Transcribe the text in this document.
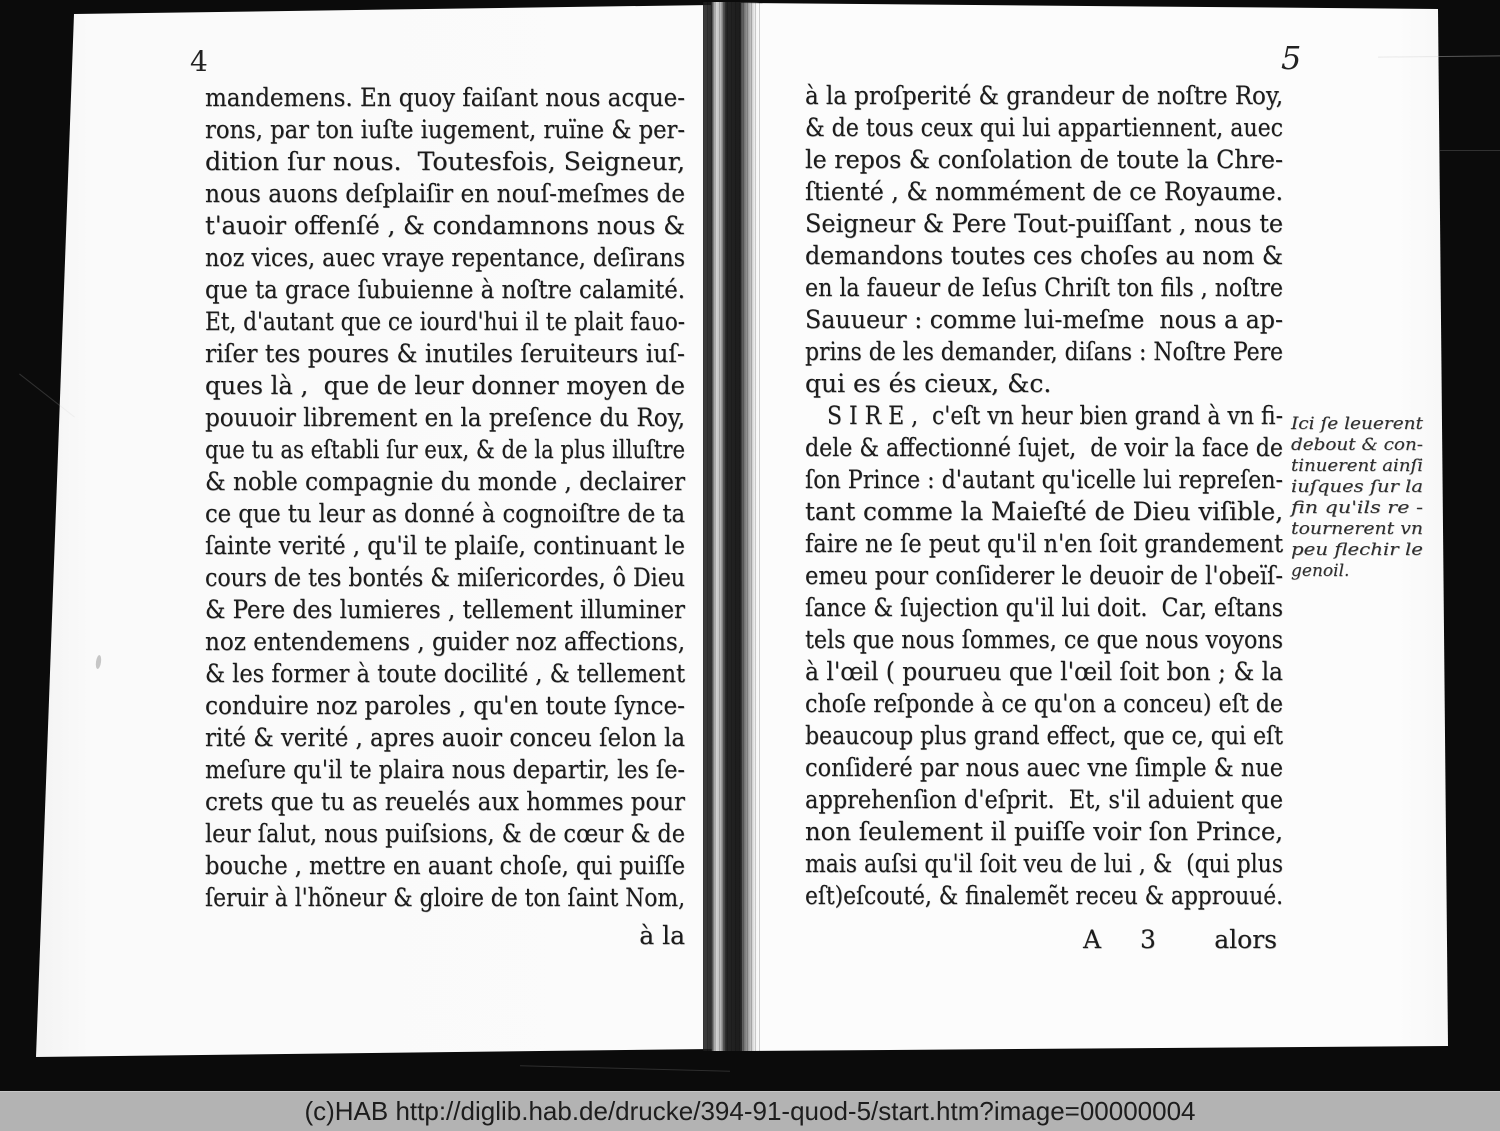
4	5
mandemens. En quoy faiſant nous acque-
rons, par ton iuſte iugement, ruïne & per-
dition ſur nous.  Toutesfois, Seigneur,
nous auons deſplaiſir en nouſ-meſmes de
t'auoir offenſé , & condamnons nous &
noz vices, auec vraye repentance, deſirans
que ta grace ſubuienne à noſtre calamité.
Et, d'autant que ce iourd'hui il te plait fauo-
riſer tes poures & inutiles ſeruiteurs iuſ-
ques là ,  que de leur donner moyen de
pouuoir librement en la preſence du Roy,
que tu as eſtabli ſur eux, & de la plus illuſtre
& noble compagnie du monde , declairer
ce que tu leur as donné à cognoiſtre de ta
ſainte verité , qu'il te plaiſe, continuant le
cours de tes bontés & miſericordes, ô Dieu
& Pere des lumieres , tellement illuminer
noz entendemens , guider noz affections,
& les former à toute docilité , & tellement
conduire noz paroles , qu'en toute ſynce-
rité & verité , apres auoir conceu ſelon la
meſure qu'il te plaira nous departir, les ſe-
crets que tu as reuelés aux hommes pour
leur ſalut, nous puiſsions, & de cœur & de
bouche , mettre en auant choſe, qui puiſſe
ſeruir à l'hõneur & gloire de ton ſaint Nom,
à la
à la proſperité & grandeur de noſtre Roy,
& de tous ceux qui lui appartiennent, auec
le repos & conſolation de toute la Chre-
ſtienté , & nommément de ce Royaume.
Seigneur & Pere Tout-puiſſant , nous te
demandons toutes ces choſes au nom &
en la faueur de Ieſus Chriſt ton fils , noſtre
Sauueur : comme lui-meſme  nous a ap-
prins de les demander, diſans : Noſtre Pere
qui es és cieux, &c.
 S I R E ,  c'eſt vn heur bien grand à vn fi-
dele & affectionné ſujet,  de voir la face de
ſon Prince : d'autant qu'icelle lui repreſen-
tant comme la Maieſté de Dieu viſible,
faire ne ſe peut qu'il n'en ſoit grandement
emeu pour conſiderer le deuoir de l'obeïſ-
ſance & ſujection qu'il lui doit.  Car, eſtans
tels que nous ſommes, ce que nous voyons
à l'œil ( pourueu que l'œil ſoit bon ; & la
choſe reſponde à ce qu'on a conceu) eſt de
beaucoup plus grand effect, que ce, qui eſt
conſideré par nous auec vne ſimple & nue
apprehenſion d'eſprit.  Et, s'il aduient que
non ſeulement il puiſſe voir ſon Prince,
mais auſsi qu'il ſoit veu de lui , &  (qui plus
eſt)eſcouté, & finalemẽt receu & approuué.
A 3 alors
Ici ſe leuerent
debout & con-
tinuerent ainſi
iuſques ſur la
fin qu'ils re -
tournerent vn
peu flechir le
genoil.
(c)HAB http://diglib.hab.de/drucke/394-91-quod-5/start.htm?image=00000004
